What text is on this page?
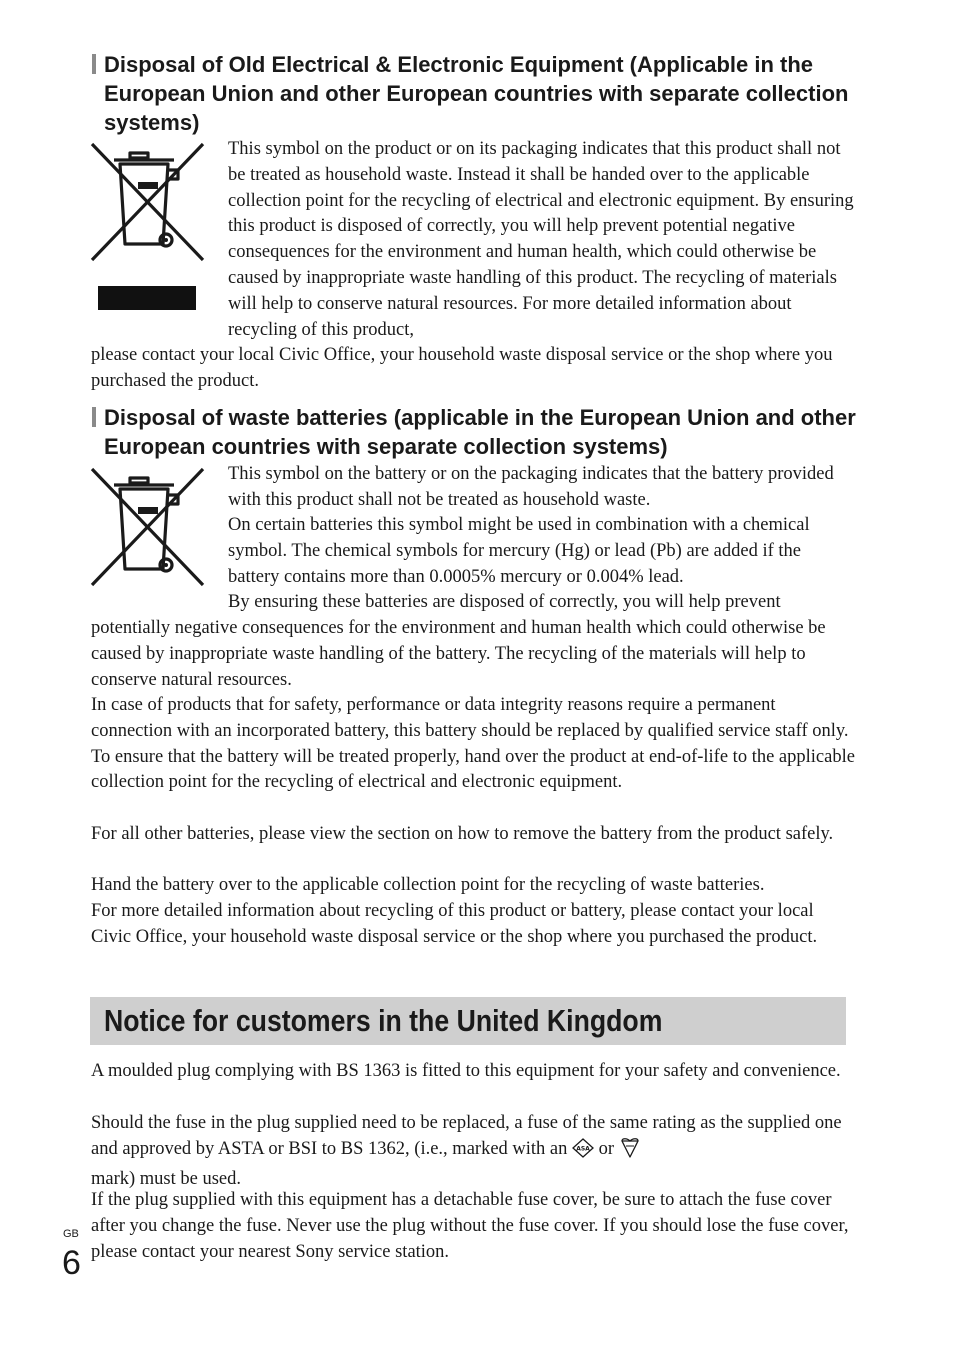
Disposal of Old Electrical & Electronic Equipment (Applicable in the European Union and other European countries with separate collection systems)

This symbol on the product or on its packaging indicates that this product shall not be treated as household waste. Instead it shall be handed over to the applicable collection point for the recycling of electrical and electronic equipment. By ensuring this product is disposed of correctly, you will help prevent potential negative consequences for the environment and human health, which could otherwise be caused by inappropriate waste handling of this product. The recycling of materials will help to conserve natural resources. For more detailed information about recycling of this product,

please contact your local Civic Office, your household waste disposal service or the shop where you purchased the product.

Disposal of waste batteries (applicable in the European Union and other European countries with separate collection systems)

This symbol on the battery or on the packaging indicates that the battery provided with this product shall not be treated as household waste.

On certain batteries this symbol might be used in combination with a chemical symbol. The chemical symbols for mercury (Hg) or lead (Pb) are added if the battery contains more than 0.0005% mercury or 0.004% lead.

By ensuring these batteries are disposed of correctly, you will help prevent

potentially negative consequences for the environment and human health which could otherwise be caused by inappropriate waste handling of the battery. The recycling of the materials will help to conserve natural resources.

In case of products that for safety, performance or data integrity reasons require a permanent connection with an incorporated battery, this battery should be replaced by qualified service staff only. To ensure that the battery will be treated properly, hand over the product at end-of-life to the applicable collection point for the recycling of electrical and electronic equipment.

For all other batteries, please view the section on how to remove the battery from the product safely.

Hand the battery over to the applicable collection point for the recycling of waste batteries.

For more detailed information about recycling of this product or battery, please contact your local Civic Office, your household waste disposal service or the shop where you purchased the product.

Notice for customers in the United Kingdom

A moulded plug complying with BS 1363 is fitted to this equipment for your safety and convenience.

Should the fuse in the plug supplied need to be replaced, a fuse of the same rating as the supplied one and approved by ASTA or BSI to BS 1362, (i.e., marked with an ASA or
mark) must be used.

If the plug supplied with this equipment has a detachable fuse cover, be sure to attach the fuse cover after you change the fuse. Never use the plug without the fuse cover. If you should lose the fuse cover, please contact your nearest Sony service station.

GB

6
